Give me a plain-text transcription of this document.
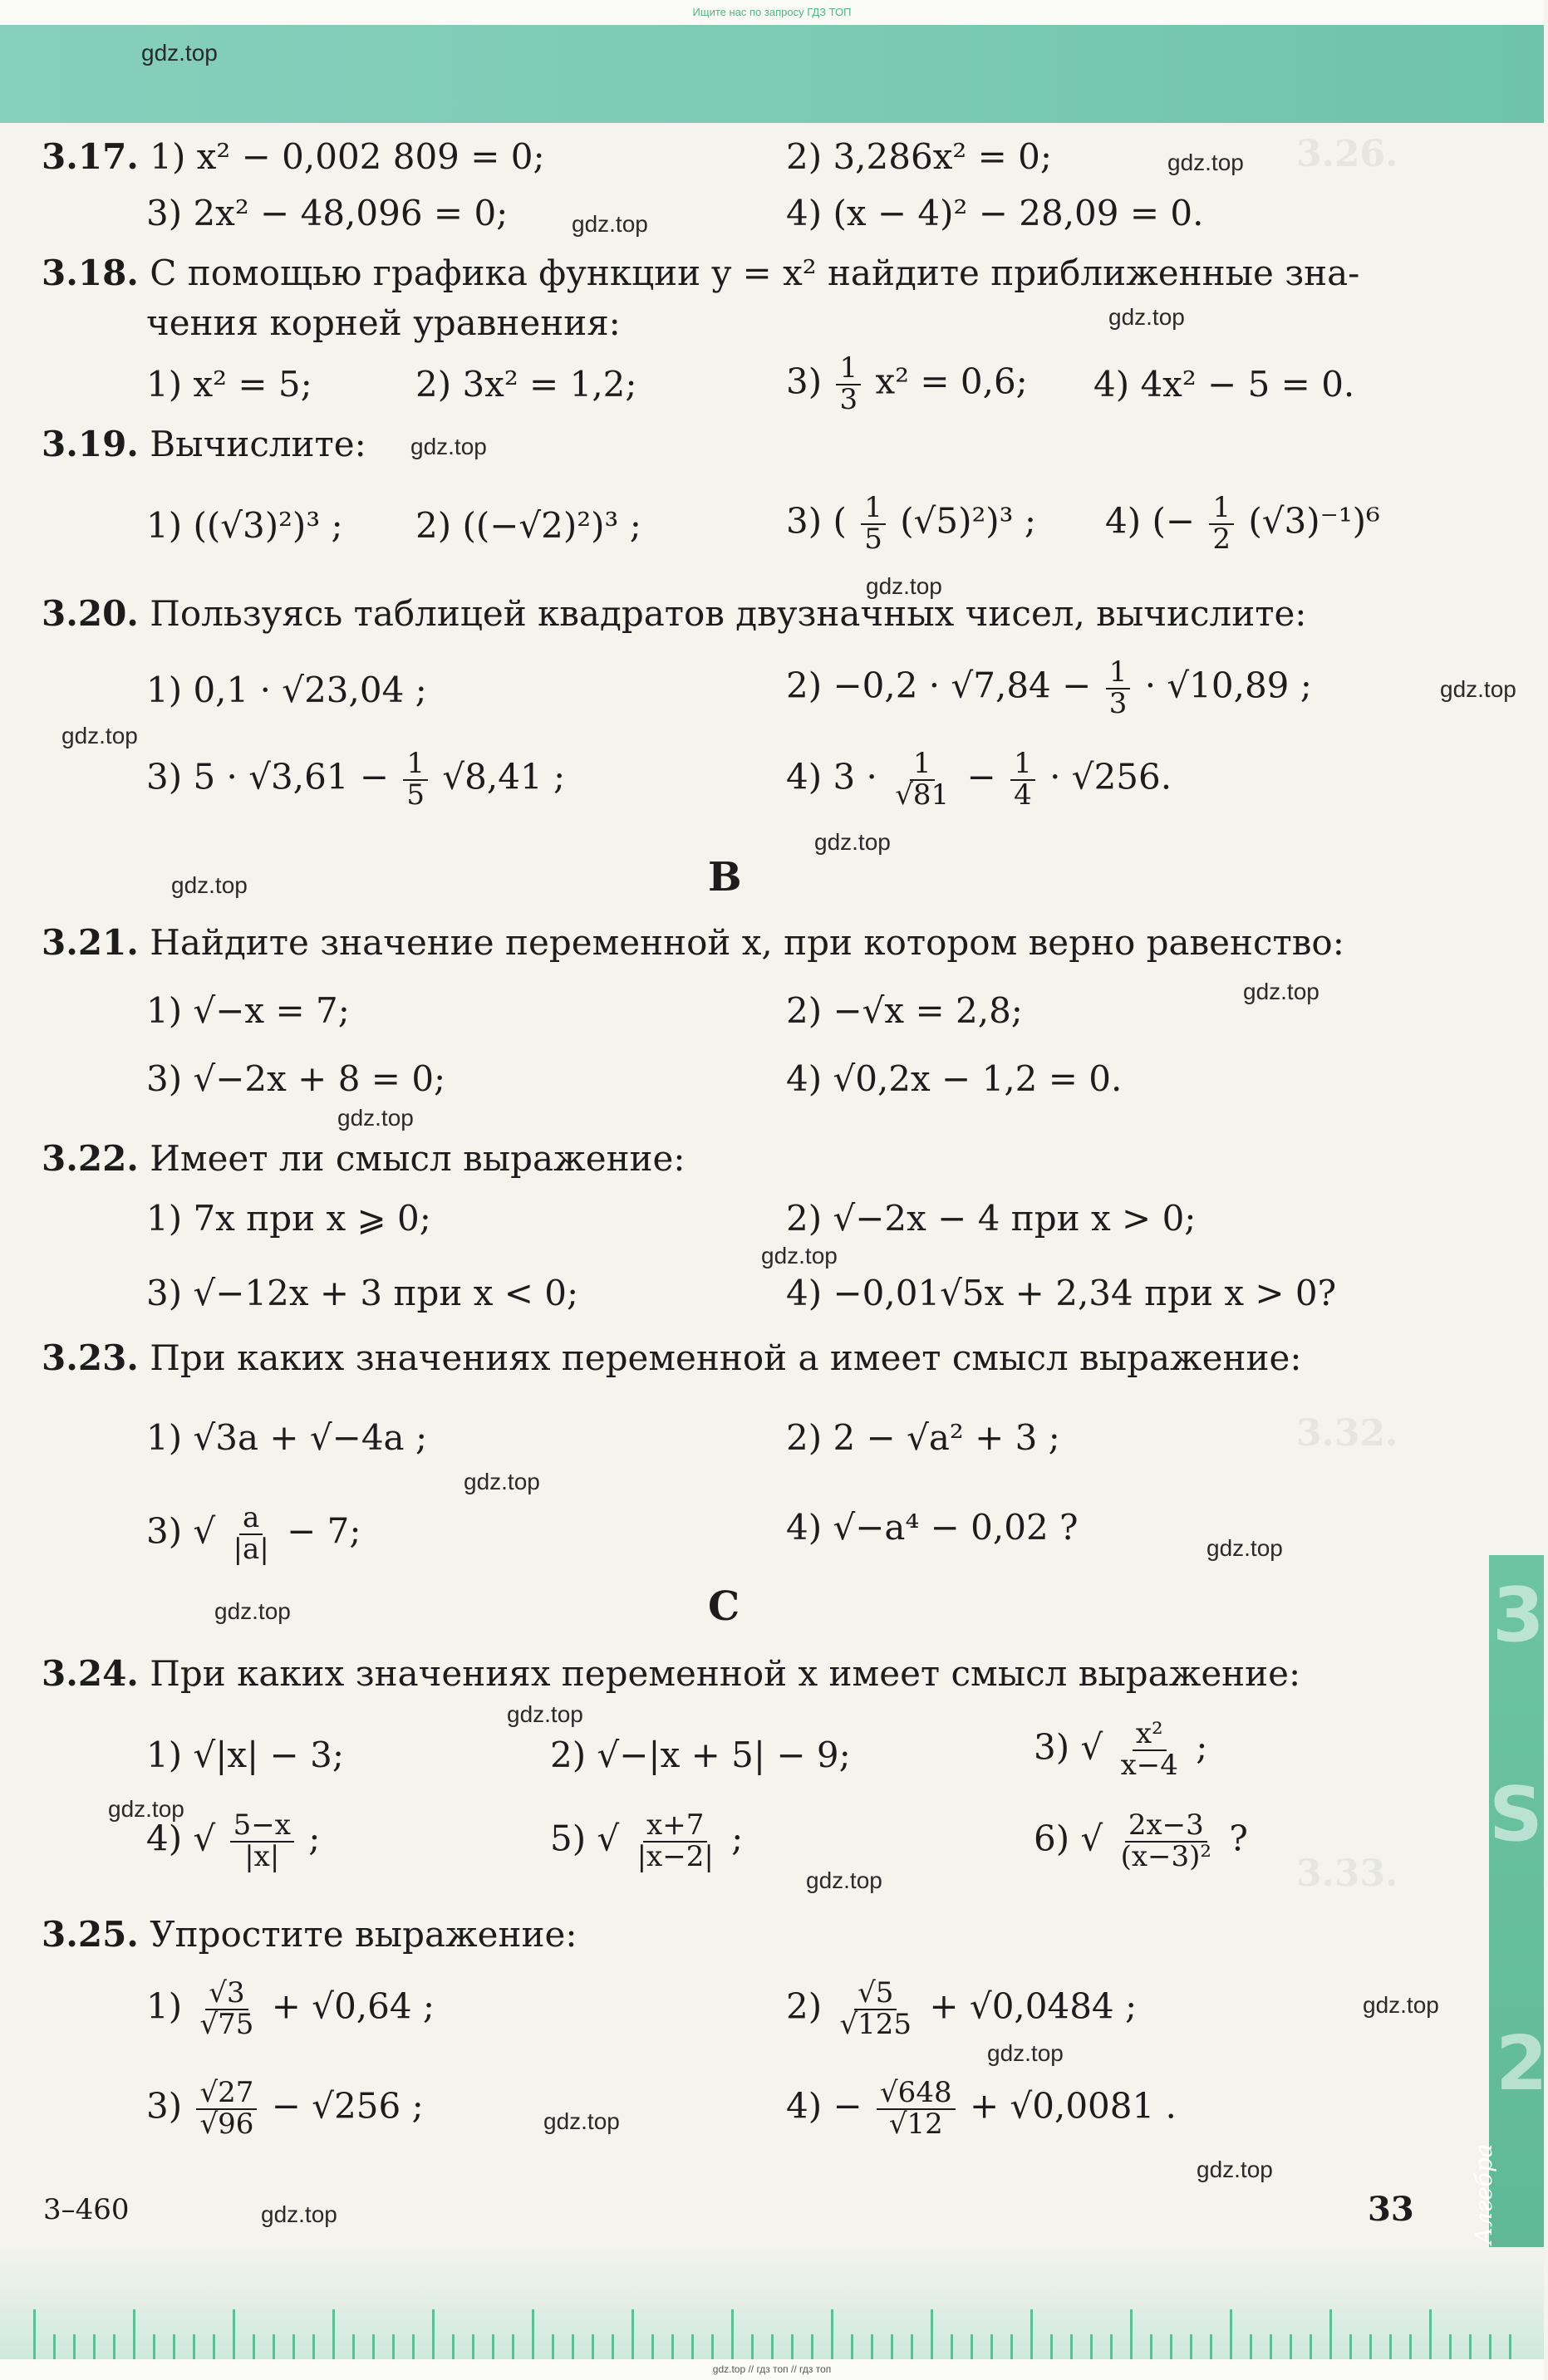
Ищите нас по запросу ГДЗ ТОП
3.26.
3.32.
3.33.
3
S
2
Алгебра
gdz.top // гдз топ // гдз топ
gdz.top
gdz.top
gdz.top
gdz.top
gdz.top
gdz.top
gdz.top
gdz.top
gdz.top
gdz.top
gdz.top
gdz.top
gdz.top
gdz.top
gdz.top
gdz.top
gdz.top
gdz.top
gdz.top
gdz.top
gdz.top
gdz.top
gdz.top
gdz.top
3.17. 1) x² − 0,002 809 = 0;	2) 3,286x² = 0;
3) 2x² − 48,096 = 0;	4) (x − 4)² − 28,09 = 0.
3.18. С помощью графика функции y = x² найдите приближенные зна-
чения корней уравнения:
1) x² = 5;	2) 3x² = 1,2;	$3) \frac{1}{3} x^2 = 0,6$; 4) 4x² − 5 = 0.
3.19. Вычислите:
1) ((√3)²)³ ; 2) ((−√2)²)³ ;	3) ( $\frac{1}{5} (√5)^2)^3$ ; 4) (− $\frac{1}{2} (√3)^{-1})^6$
3.20. Пользуясь таблицей квадратов двузначных чисел, вычислите:
1) 0,1 · √23,04 ;	$2) -0,2 \cdot √7,84 - \frac{1}{3} \cdot √10,89$ ;
3) $5 \cdot √3,61 - \frac{1}{5} √8,41$ ;	4) $3 \cdot \frac{1}{√81} - \frac{1}{4} \cdot √256$.
B
3.21. Найдите значение переменной x, при котором верно равенство:
1) √−x = 7;	2) −√x = 2,8;
3) √−2x + 8 = 0;	4) √0,2x − 1,2 = 0.
3.22. Имеет ли смысл выражение:
1) 7x при x ⩾ 0;	2) √−2x − 4 при x > 0;
3) √−12x + 3 при x < 0;	4) −0,01√5x + 2,34 при x > 0?
3.23. При каких значениях переменной a имеет смысл выражение:
1) √3a + √−4a ;	2) 2 − √a² + 3 ;
3) √ $\frac{a}{|a|} - 7$;	4) √−a⁴ − 0,02 ?
C
3.24. При каких значениях переменной x имеет смысл выражение:
1) √|x| − 3;	2) √−|x + 5| − 9;	3) √ $\frac{\text{x²}}{x-4}$ ;
4) √ $\frac{5-x}{|x|}$ ;	5) √ $\frac{x+7}{|x-2|}$ ;	6) √ $\frac{2x-3}{\text{(x−3)²}}$ ?
3.25. Упростите выражение:
$1) \frac{√3}{√75} + √0,64$ ;	$2) \frac{√5}{√125} + √0,0484$ ;
$3) \frac{√27}{√96} - √256$ ;	$4) - \frac{√648}{√12} + √0,0081$ .
3–460	33
